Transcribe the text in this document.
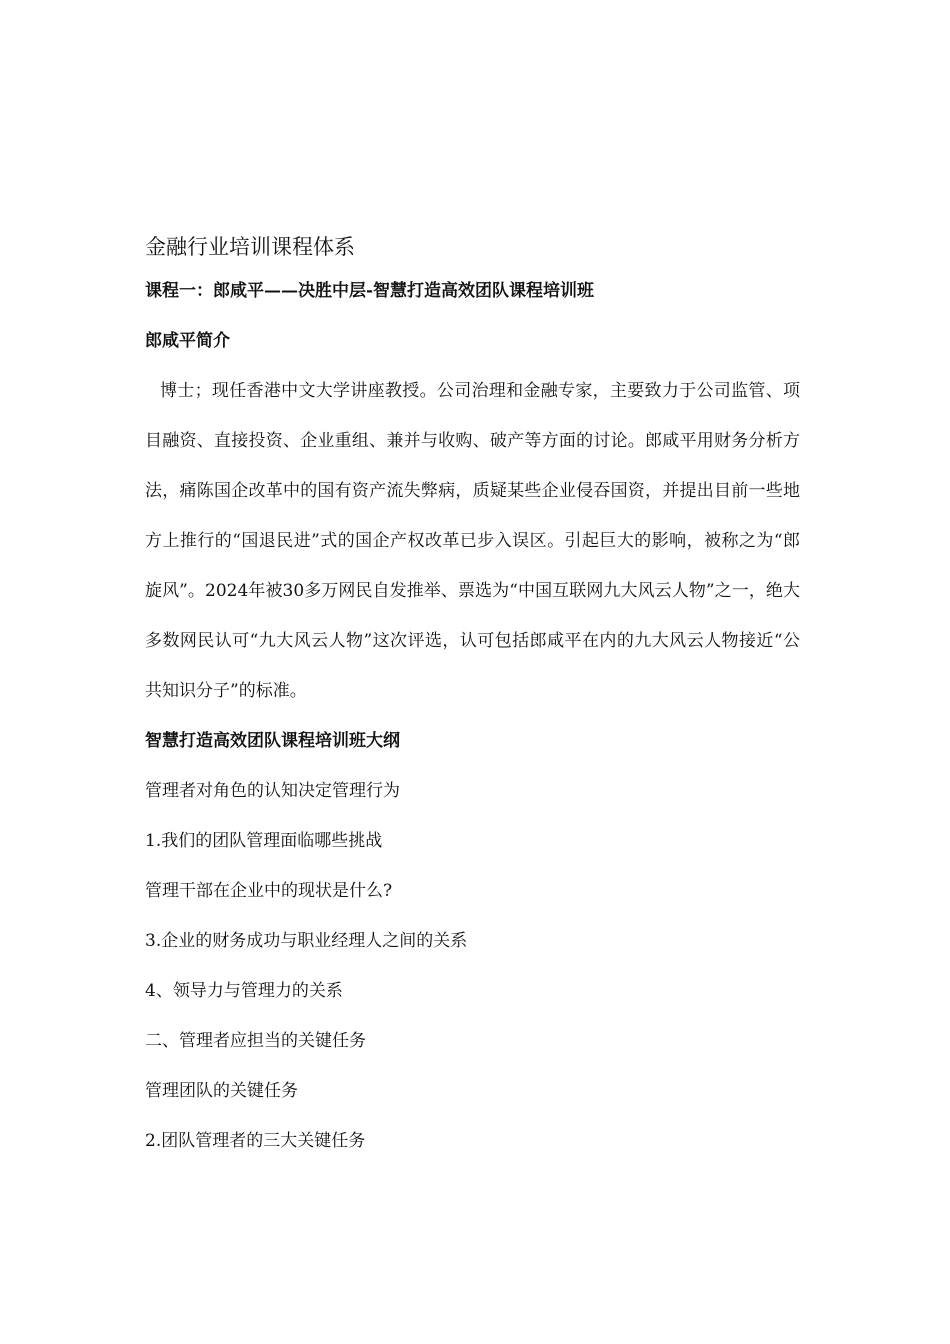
金融行业培训课程体系
课程一：郎咸平——决胜中层-智慧打造高效团队课程培训班
郎咸平简介
博士；现任香港中文大学讲座教授。公司治理和金融专家，主要致力于公司监管、项目融资、直接投资、企业重组、兼并与收购、破产等方面的讨论。郎咸平用财务分析方法，痛陈国企改革中的国有资产流失弊病，质疑某些企业侵吞国资，并提出目前一些地方上推行的“国退民进”式的国企产权改革已步入误区。引起巨大的影响，被称之为“郎旋风”。2024年被30多万网民自发推举、票选为“中国互联网九大风云人物”之一，绝大多数网民认可“九大风云人物”这次评选，认可包括郎咸平在内的九大风云人物接近“公共知识分子”的标准。
智慧打造高效团队课程培训班大纲
管理者对角色的认知决定管理行为
1.我们的团队管理面临哪些挑战
管理干部在企业中的现状是什么?
3.企业的财务成功与职业经理人之间的关系
4、领导力与管理力的关系
二、管理者应担当的关键任务
管理团队的关键任务
2.团队管理者的三大关键任务
